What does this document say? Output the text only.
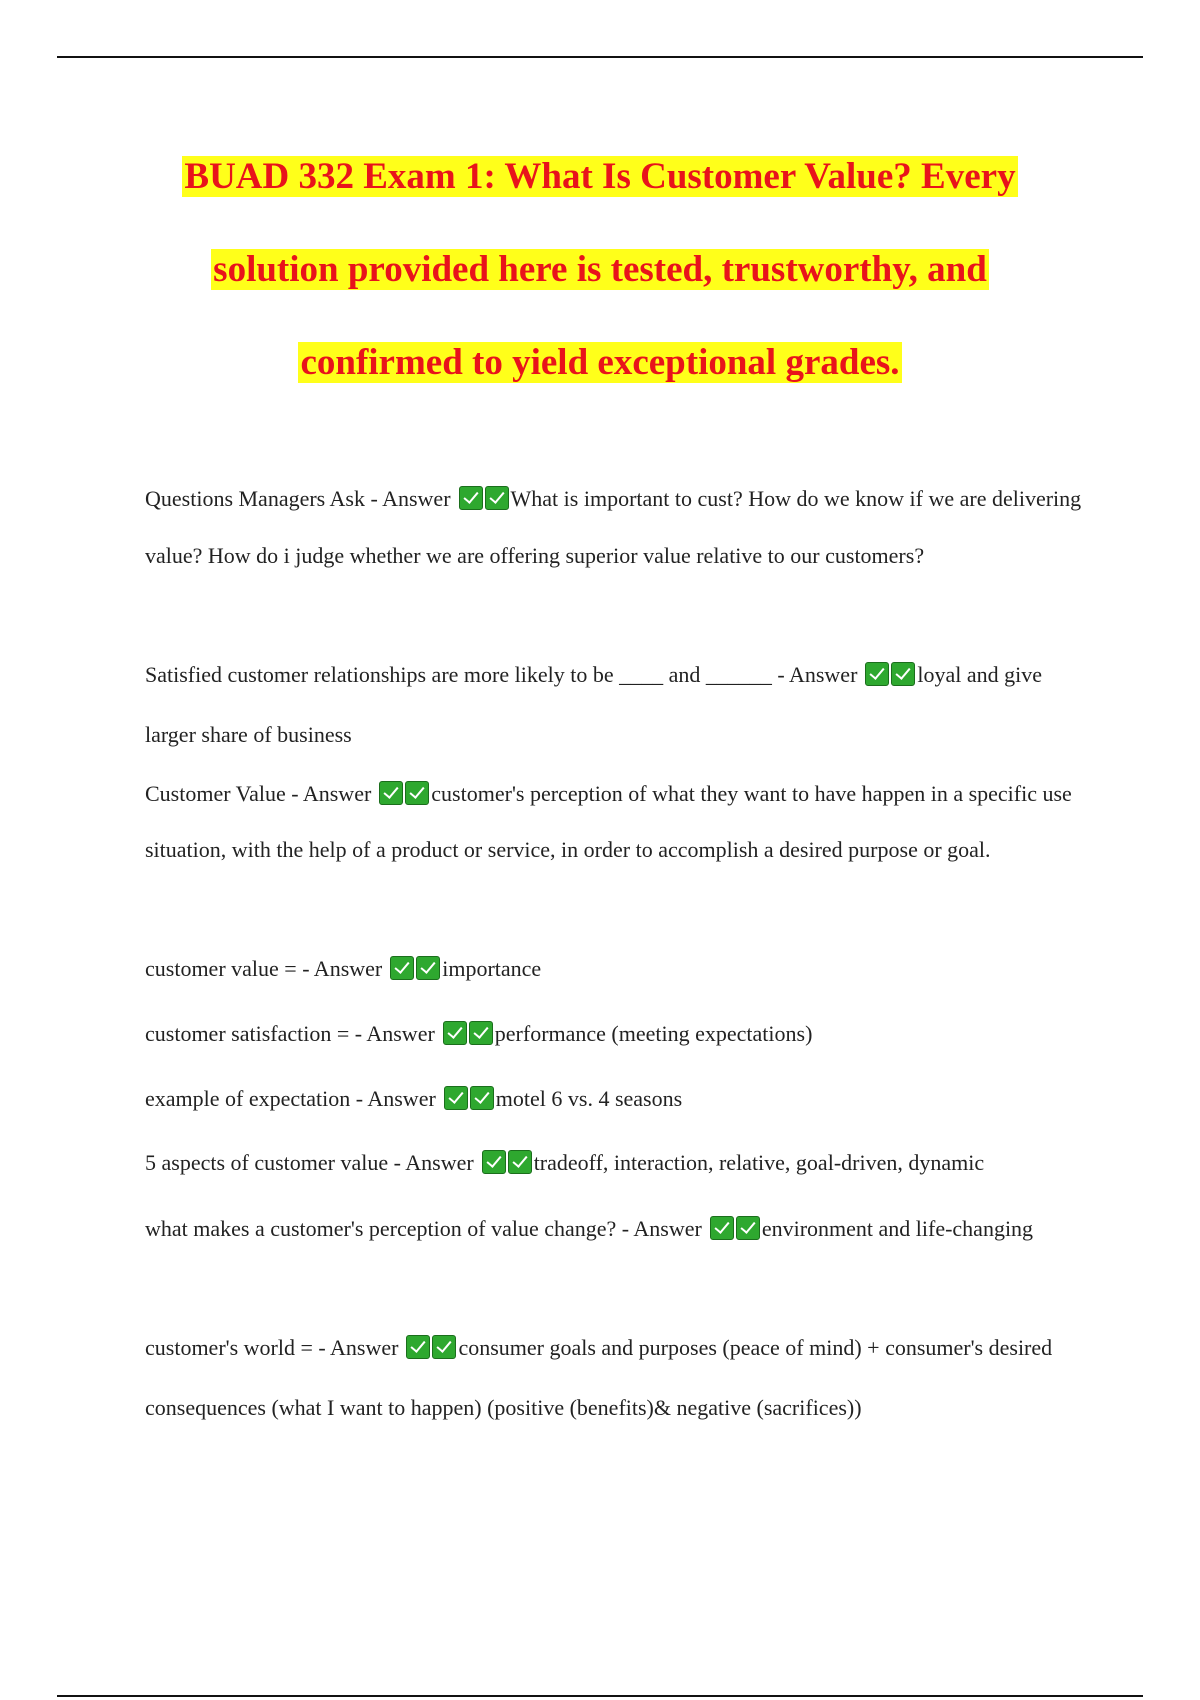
BUAD 332 Exam 1: What Is Customer Value? Every
solution provided here is tested, trustworthy, and
confirmed to yield exceptional grades.

Questions Managers Ask - Answer	What is important to cust? How do we know if we are delivering value? How do i judge whether we are offering superior value relative to our customers?

Satisfied customer relationships are more likely to be ____ and ______ - Answer	loyal and give larger share of business

Customer Value - Answer	customer's perception of what they want to have happen in a specific use situation, with the help of a product or service, in order to accomplish a desired purpose or goal.

customer value = - Answer	importance

customer satisfaction = - Answer	performance (meeting expectations)

example of expectation - Answer	motel 6 vs. 4 seasons

5 aspects of customer value - Answer	tradeoff, interaction, relative, goal-driven, dynamic

what makes a customer's perception of value change? - Answer	environment and life-changing

customer's world = - Answer	consumer goals and purposes (peace of mind) + consumer's desired consequences (what I want to happen) (positive (benefits)& negative (sacrifices))
